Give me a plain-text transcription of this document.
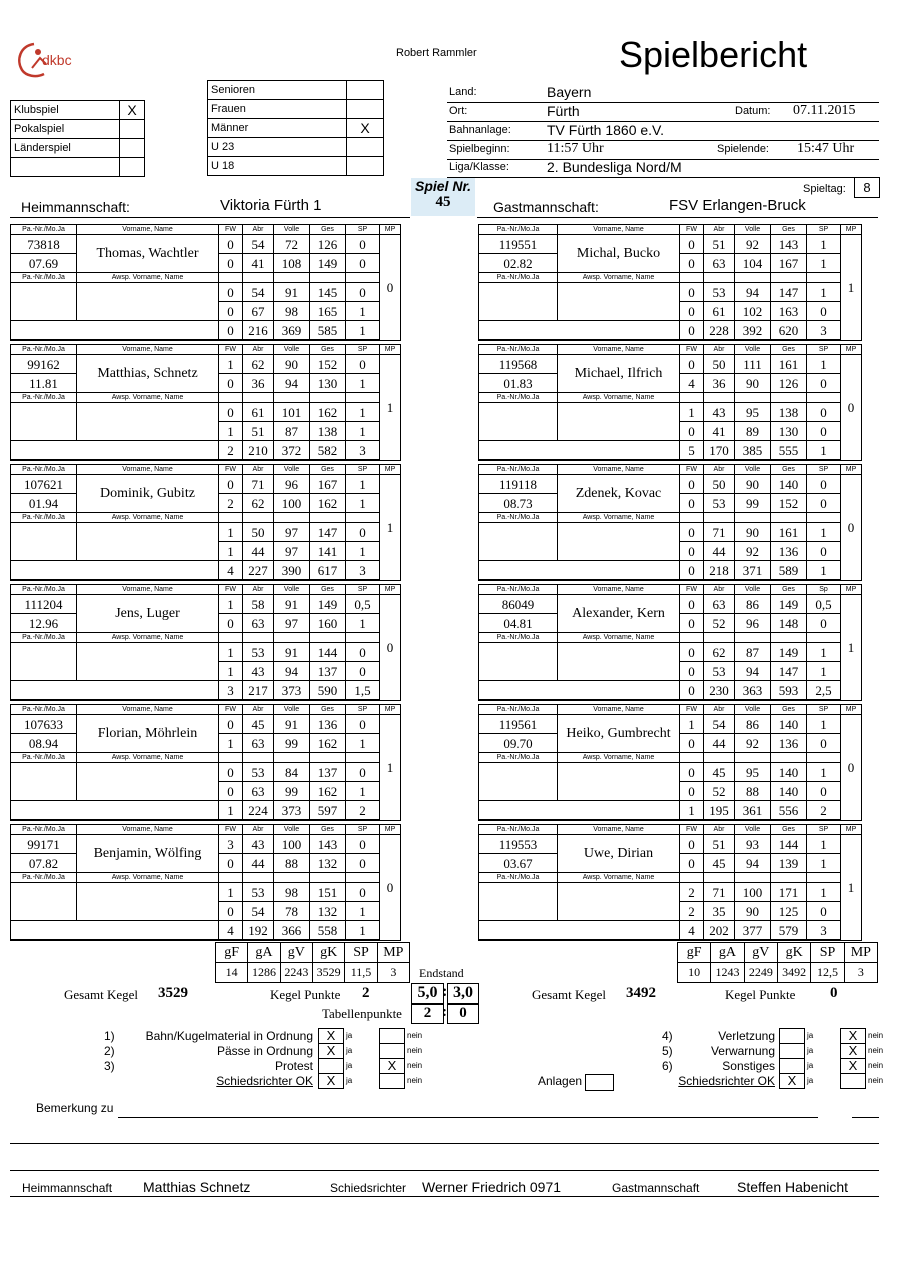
dkbc	Robert Rammler	Spielbericht
Klubspiel	X
Pokalspiel	
Länderspiel	

Senioren	
Frauen	
Männer	X
U 23	
U 18	
Land:	Bayern
Ort:	Fürth	Datum: 07.11.2015
Bahnanlage:	TV Fürth 1860 e.V.
Spielbeginn:	11:57 Uhr	Spielende: 15:47 Uhr
Liga/Klasse:	2. Bundesliga Nord/M
Spiel Nr.
45
Spieltag:	8
Heimmannschaft:	Viktoria Fürth 1	Gastmannschaft:	FSV Erlangen-Bruck
Pa.-Nr./Mo.Ja	Vorname, Name	FW	Abr	Volle	Ges	SP	MP
73818	Thomas, Wachtler	0	54	72	126	0	0
07.69		0	41	108	149	0	
Pa.-Nr./Mo.Ja	Awsp. Vorname, Name						
		0	54	91	145	0	
		0	67	98	165	1	
		0	216	369	585	1	
Pa.-Nr./Mo.Ja	Vorname, Name	FW	Abr	Volle	Ges	SP	MP
99162	Matthias, Schnetz	1	62	90	152	0	1
11.81		0	36	94	130	1	
Pa.-Nr./Mo.Ja	Awsp. Vorname, Name						
		0	61	101	162	1	
		1	51	87	138	1	
		2	210	372	582	3	
Pa.-Nr./Mo.Ja	Vorname, Name	FW	Abr	Volle	Ges	SP	MP
107621	Dominik, Gubitz	0	71	96	167	1	1
01.94		2	62	100	162	1	
Pa.-Nr./Mo.Ja	Awsp. Vorname, Name						
		1	50	97	147	0	
		1	44	97	141	1	
		4	227	390	617	3	
Pa.-Nr./Mo.Ja	Vorname, Name	FW	Abr	Volle	Ges	SP	MP
111204	Jens, Luger	1	58	91	149	0,5	0
12.96		0	63	97	160	1	
Pa.-Nr./Mo.Ja	Awsp. Vorname, Name						
		1	53	91	144	0	
		1	43	94	137	0	
		3	217	373	590	1,5	
Pa.-Nr./Mo.Ja	Vorname, Name	FW	Abr	Volle	Ges	SP	MP
107633	Florian, Möhrlein	0	45	91	136	0	1
08.94		1	63	99	162	1	
Pa.-Nr./Mo.Ja	Awsp. Vorname, Name						
		0	53	84	137	0	
		0	63	99	162	1	
		1	224	373	597	2	
Pa.-Nr./Mo.Ja	Vorname, Name	FW	Abr	Volle	Ges	SP	MP
99171	Benjamin, Wölfing	3	43	100	143	0	0
07.82		0	44	88	132	0	
Pa.-Nr./Mo.Ja	Awsp. Vorname, Name						
		1	53	98	151	0	
		0	54	78	132	1	
		4	192	366	558	1	
Pa.-Nr./Mo.Ja	Vorname, Name	FW	Abr	Volle	Ges	SP	MP
119551	Michal, Bucko	0	51	92	143	1	1
02.82		0	63	104	167	1	
Pa.-Nr./Mo.Ja	Awsp. Vorname, Name						
		0	53	94	147	1	
		0	61	102	163	0	
		0	228	392	620	3	
Pa.-Nr./Mo.Ja	Vorname, Name	FW	Abr	Volle	Ges	SP	MP
119568	Michael, Ilfrich	0	50	111	161	1	0
01.83		4	36	90	126	0	
Pa.-Nr./Mo.Ja	Awsp. Vorname, Name						
		1	43	95	138	0	
		0	41	89	130	0	
		5	170	385	555	1	
Pa.-Nr./Mo.Ja	Vorname, Name	FW	Abr	Volle	Ges	SP	MP
119118	Zdenek, Kovac	0	50	90	140	0	0
08.73		0	53	99	152	0	
Pa.-Nr./Mo.Ja	Awsp. Vorname, Name						
		0	71	90	161	1	
		0	44	92	136	0	
		0	218	371	589	1	
Pa.-Nr./Mo.Ja	Vorname, Name	FW	Abr	Volle	Ges	Sp	MP
86049	Alexander, Kern	0	63	86	149	0,5	1
04.81		0	52	96	148	0	
Pa.-Nr./Mo.Ja	Awsp. Vorname, Name						
		0	62	87	149	1	
		0	53	94	147	1	
		0	230	363	593	2,5	
Pa.-Nr./Mo.Ja	Vorname, Name	FW	Abr	Volle	Ges	SP	MP
119561	Heiko, Gumbrecht	1	54	86	140	1	0
09.70		0	44	92	136	0	
Pa.-Nr./Mo.Ja	Awsp. Vorname, Name						
		0	45	95	140	1	
		0	52	88	140	0	
		1	195	361	556	2	
Pa.-Nr./Mo.Ja	Vorname, Name	FW	Abr	Volle	Ges	SP	MP
119553	Uwe, Dirian	0	51	93	144	1	1
03.67		0	45	94	139	1	
Pa.-Nr./Mo.Ja	Awsp. Vorname, Name						
		2	71	100	171	1	
		2	35	90	125	0	
		4	202	377	579	3	
gF	gA	gV	gK	SP	MP
14	1286	2243	3529	11,5	3
gF	gA	gV	gK	SP	MP
10	1243	2249	3492	12,5	3
Endstand
Gesamt Kegel 3529	Kegel Punkte 2	5,0 : 3,0
Tabellenpunkte	2 : 0
Gesamt Kegel 3492	Kegel Punkte 0
1)	Bahn/Kugelmaterial in Ordnung	X	ja	nein
2)	Pässe in Ordnung	X	ja	nein
3)	Protest	ja	X	nein
Schiedsrichter OK	X	ja	nein
4)	Verletzung	ja	X	nein
5)	Verwarnung	ja	X	nein
6)	Sonstiges	ja	X	nein
Schiedsrichter OK X	ja	nein
Anlagen
Bemerkung zu
Heimmannschaft Matthias Schnetz	Schiedsrichter Werner Friedrich 0971	Gastmannschaft	Steffen Habenicht
